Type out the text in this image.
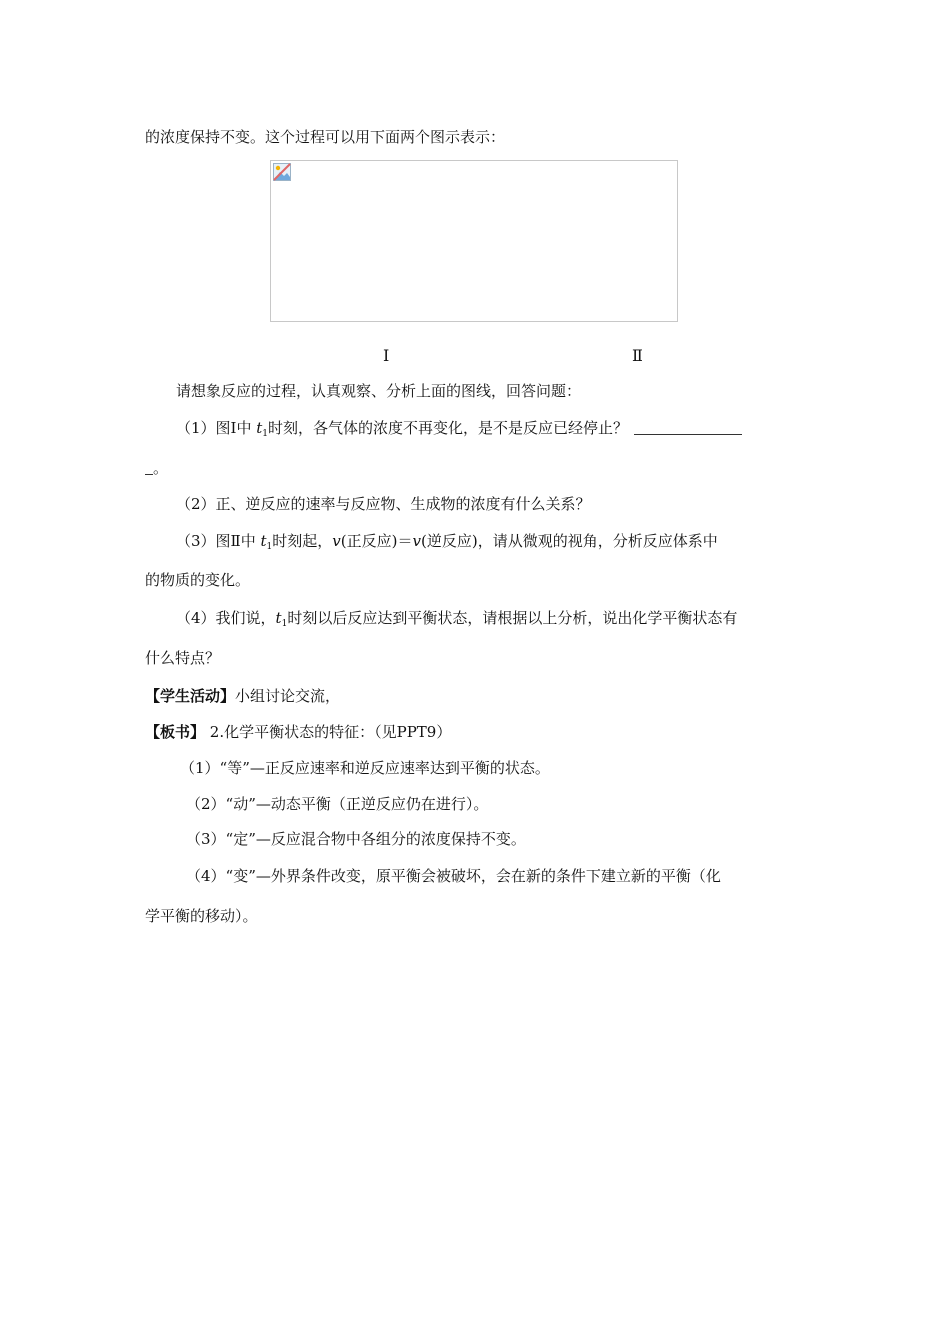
的浓度保持不变。这个过程可以用下面两个图示表示：
Ⅰ	Ⅱ
请想象反应的过程，认真观察、分析上面的图线，回答问题：
（1）图Ⅰ中 $t_1$时刻，各气体的浓度不再变化，是不是反应已经停止？
。
（2）正、逆反应的速率与反应物、生成物的浓度有什么关系？
（3）图Ⅱ中 $t_1$时刻起，v(正反应)＝v(逆反应)，请从微观的视角，分析反应体系中
的物质的变化。
（4）我们说，$t_1$时刻以后反应达到平衡状态，请根据以上分析，说出化学平衡状态有
什么特点？
【学生活动】小组讨论交流，
【板书】 2.化学平衡状态的特征：（见PPT9）
（1）“等”—正反应速率和逆反应速率达到平衡的状态。
（2）“动”—动态平衡（正逆反应仍在进行）。
（3）“定”—反应混合物中各组分的浓度保持不变。
（4）“变”—外界条件改变，原平衡会被破坏，会在新的条件下建立新的平衡（化
学平衡的移动）。
